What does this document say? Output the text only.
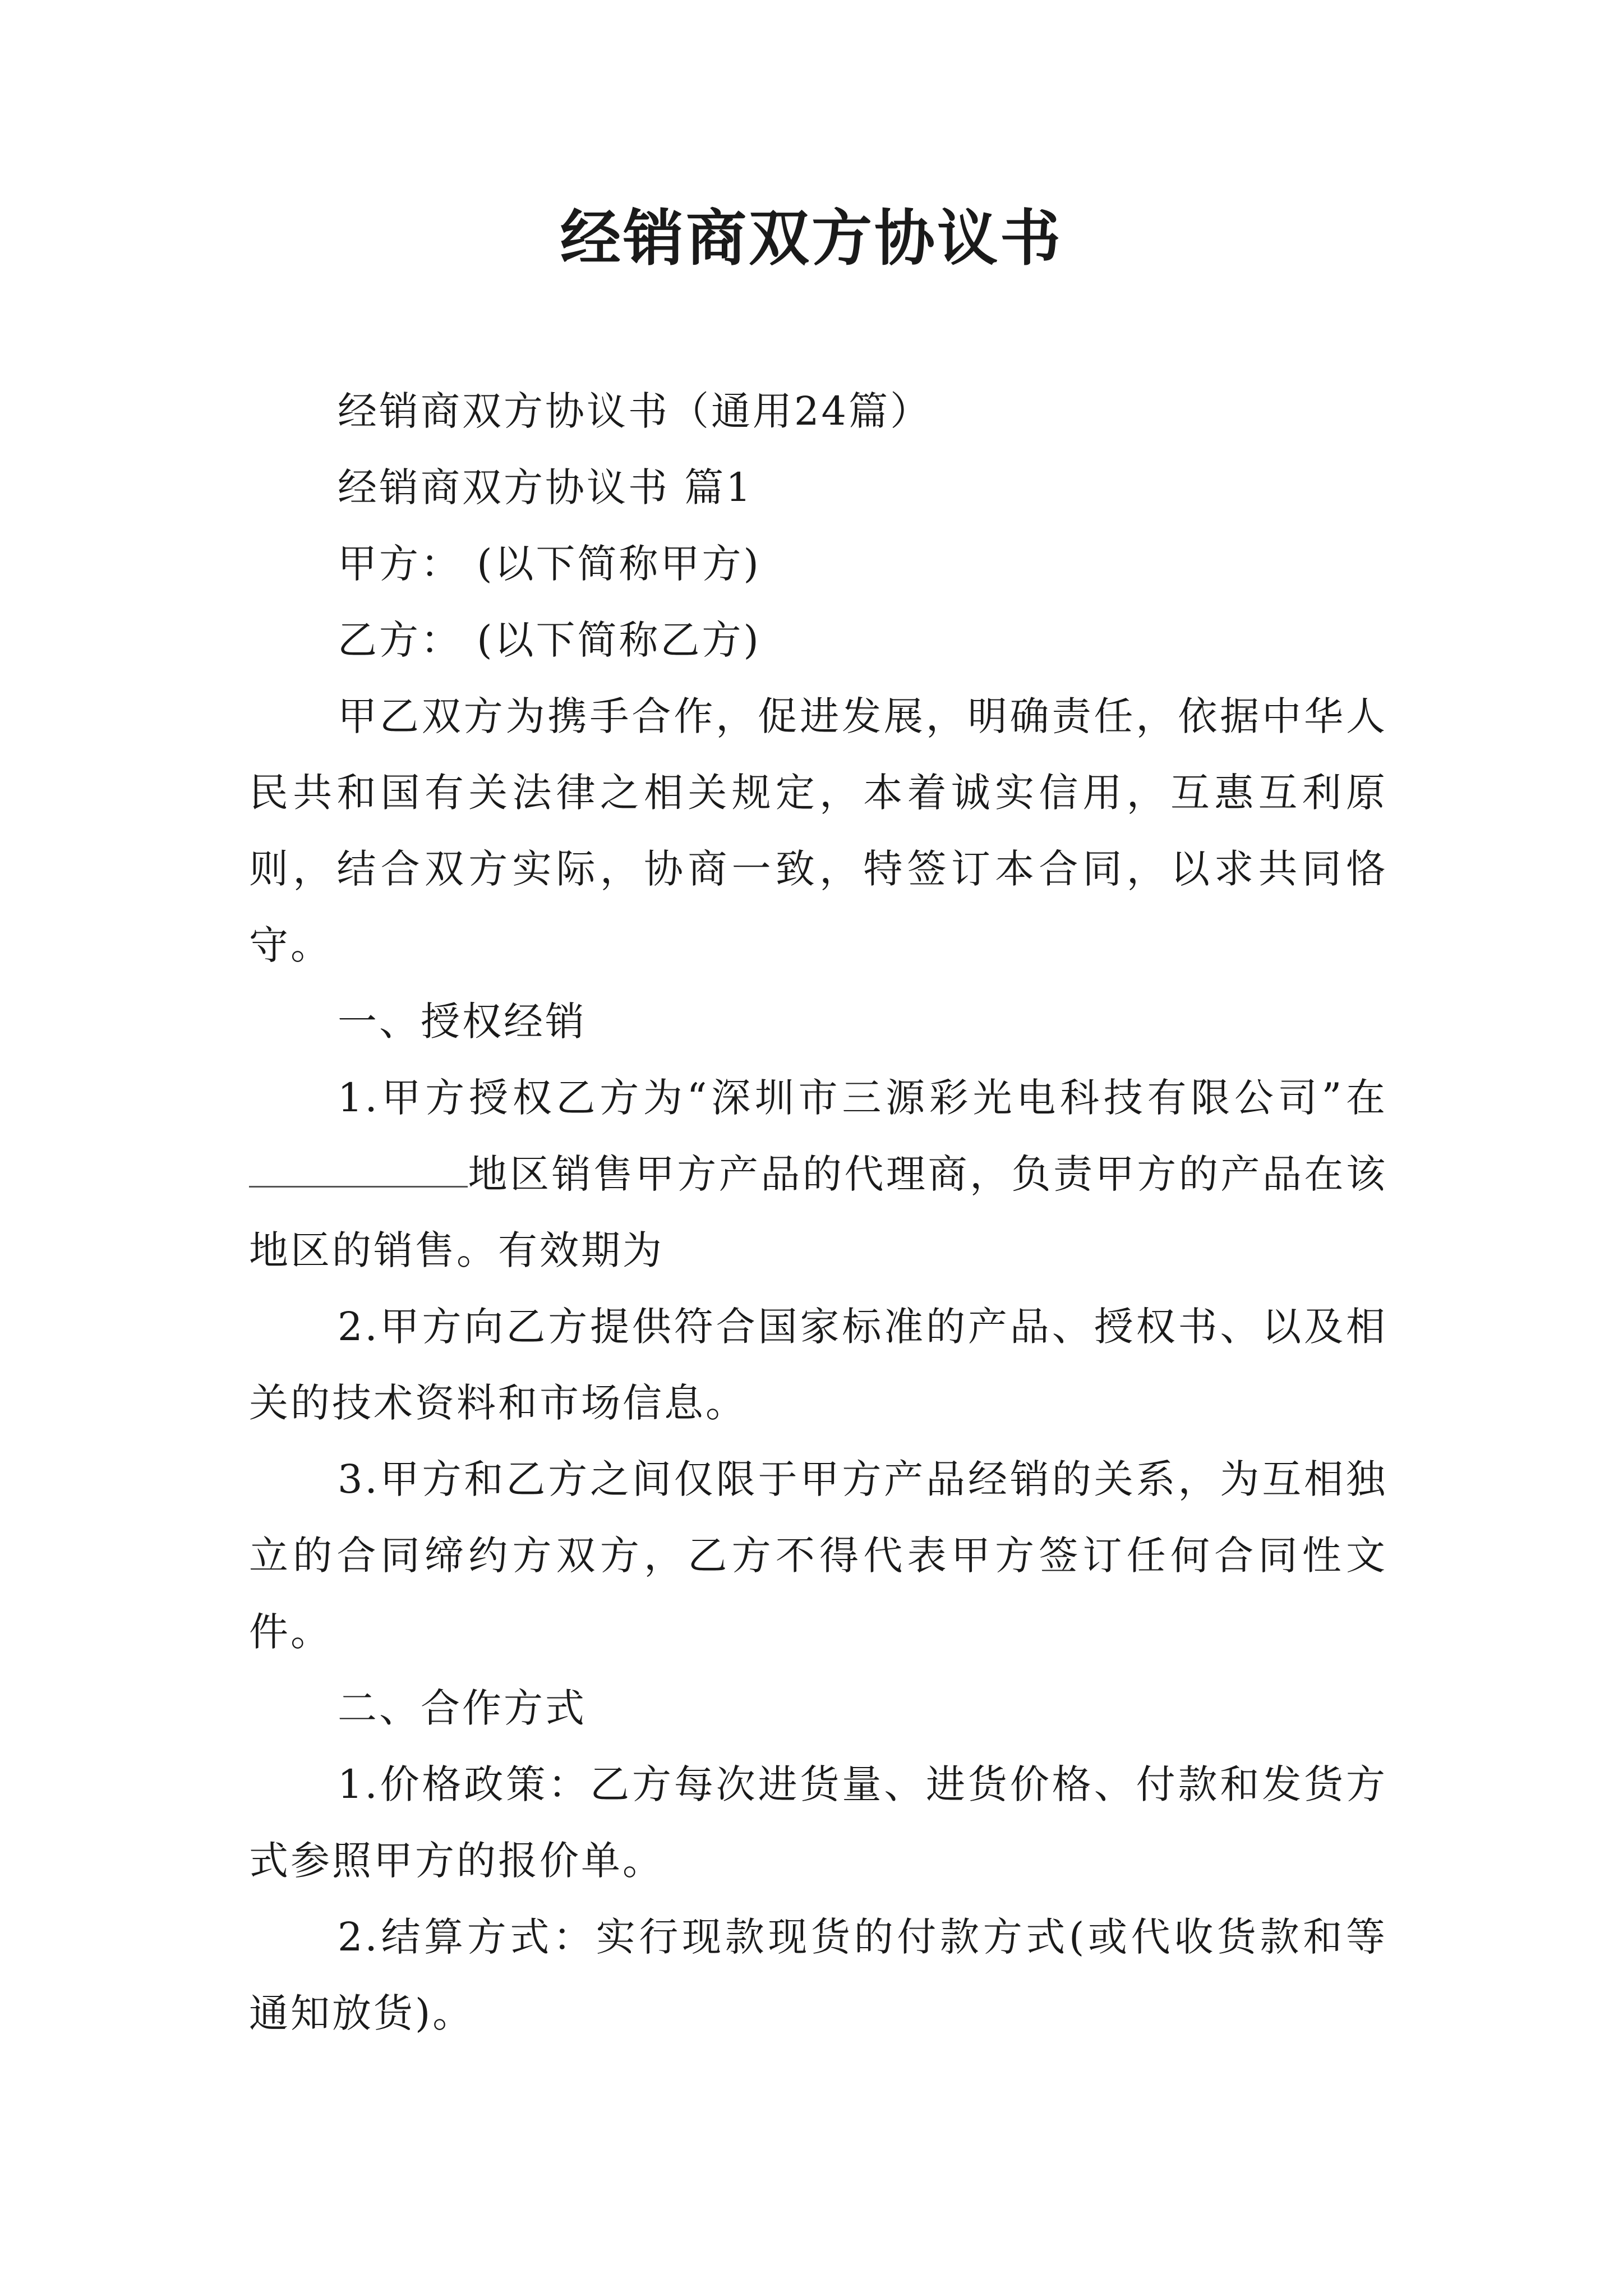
经销商双方协议书

经销商双方协议书（通用24篇）

经销商双方协议书 篇1

甲方： (以下简称甲方)

乙方： (以下简称乙方)

甲乙双方为携手合作，促进发展，明确责任，依据中华人民共和国有关法律之相关规定，本着诚实信用，互惠互利原则，结合双方实际，协商一致，特签订本合同，以求共同恪守。

一、授权经销

1.甲方授权乙方为“深圳市三源彩光电科技有限公司”在地区销售甲方产品的代理商，负责甲方的产品在该地区的销售。有效期为

2.甲方向乙方提供符合国家标准的产品、授权书、以及相关的技术资料和市场信息。

3.甲方和乙方之间仅限于甲方产品经销的关系，为互相独立的合同缔约方双方，乙方不得代表甲方签订任何合同性文件。

二、合作方式

1.价格政策：乙方每次进货量、进货价格、付款和发货方式参照甲方的报价单。

2.结算方式：实行现款现货的付款方式(或代收货款和等通知放货)。
